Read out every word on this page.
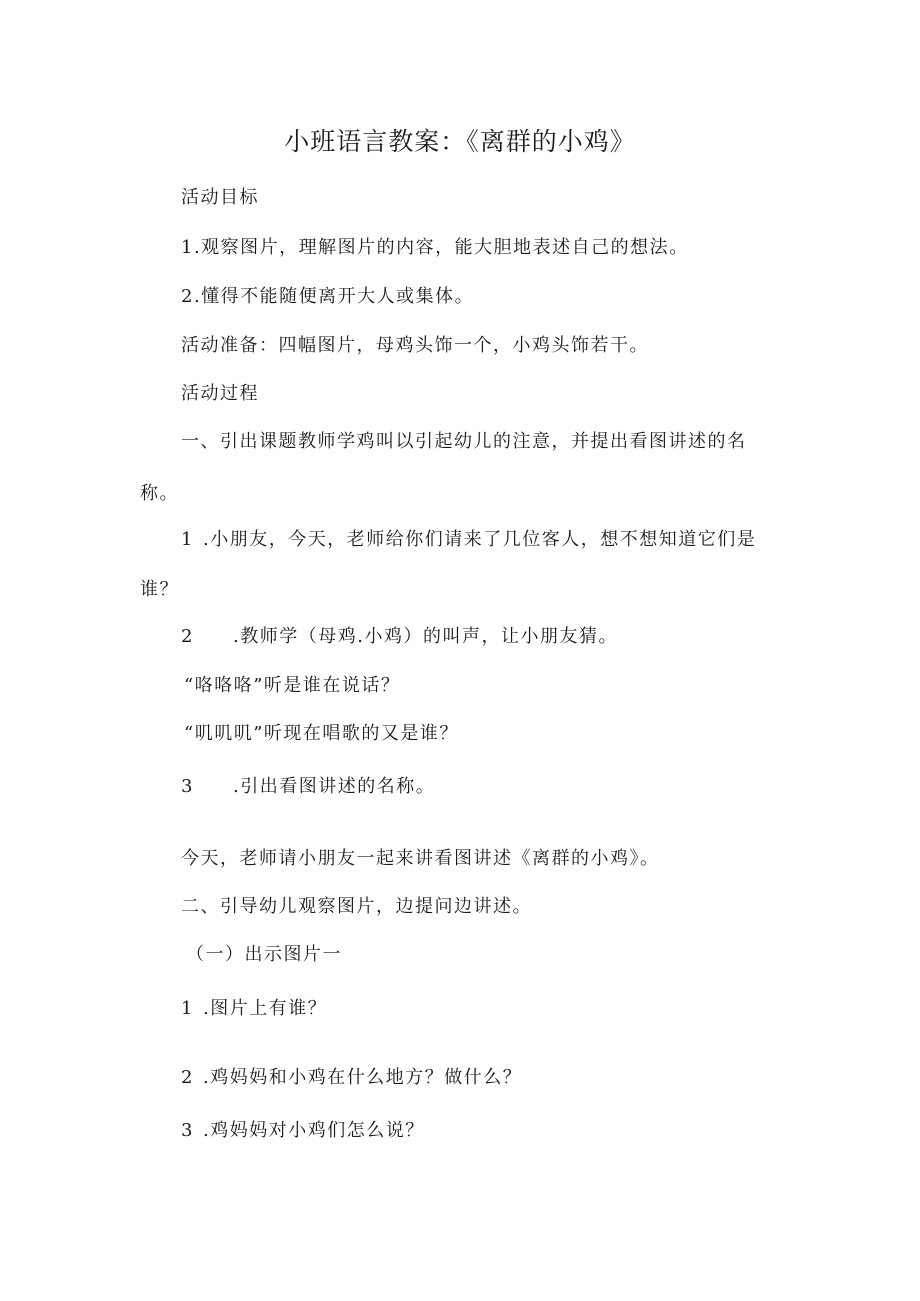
小班语言教案：《离群的小鸡》
活动目标
1.观察图片，理解图片的内容，能大胆地表述自己的想法。
2.懂得不能随便离开大人或集体。
活动准备：四幅图片，母鸡头饰一个，小鸡头饰若干。
活动过程
一、引出课题教师学鸡叫以引起幼儿的注意，并提出看图讲述的名
称。
1 .小朋友，今天，老师给你们请来了几位客人，想不想知道它们是
谁？
2 .教师学（母鸡.小鸡）的叫声，让小朋友猜。
“咯咯咯”听是谁在说话？
“叽叽叽”听现在唱歌的又是谁？
3 .引出看图讲述的名称。
今天，老师请小朋友一起来讲看图讲述《离群的小鸡》。
二、引导幼儿观察图片，边提问边讲述。
（一）出示图片一
1 .图片上有谁？
2 .鸡妈妈和小鸡在什么地方？做什么？
3 .鸡妈妈对小鸡们怎么说？
